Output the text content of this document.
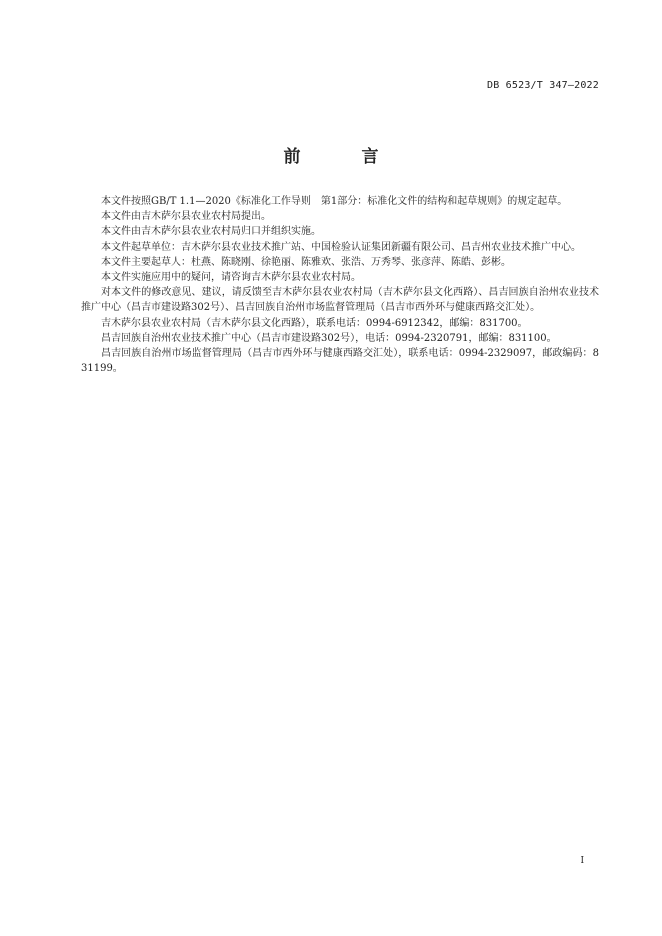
DB 6523/T 347—2022
前　言

本文件按照GB/T 1.1—2020《标准化工作导则　第1部分：标准化文件的结构和起草规则》的规定起草。

本文件由吉木萨尔县农业农村局提出。

本文件由吉木萨尔县农业农村局归口并组织实施。

本文件起草单位：吉木萨尔县农业技术推广站、中国检验认证集团新疆有限公司、昌吉州农业技术推广中心。

本文件主要起草人：杜燕、陈晓刚、徐艳丽、陈雅欢、张浩、万秀琴、张彦萍、陈皓、彭彬。

本文件实施应用中的疑问，请咨询吉木萨尔县农业农村局。

对本文件的修改意见、建议，请反馈至吉木萨尔县农业农村局（吉木萨尔县文化西路）、昌吉回族自治州农业技术推广中心（昌吉市建设路302号）、昌吉回族自治州市场监督管理局（昌吉市西外环与健康西路交汇处）。

吉木萨尔县农业农村局（吉木萨尔县文化西路），联系电话：0994-6912342，邮编：831700。

昌吉回族自治州农业技术推广中心（昌吉市建设路302号），电话：0994-2320791，邮编：831100。

昌吉回族自治州市场监督管理局（昌吉市西外环与健康西路交汇处），联系电话：0994-2329097，邮政编码：831199。

I
